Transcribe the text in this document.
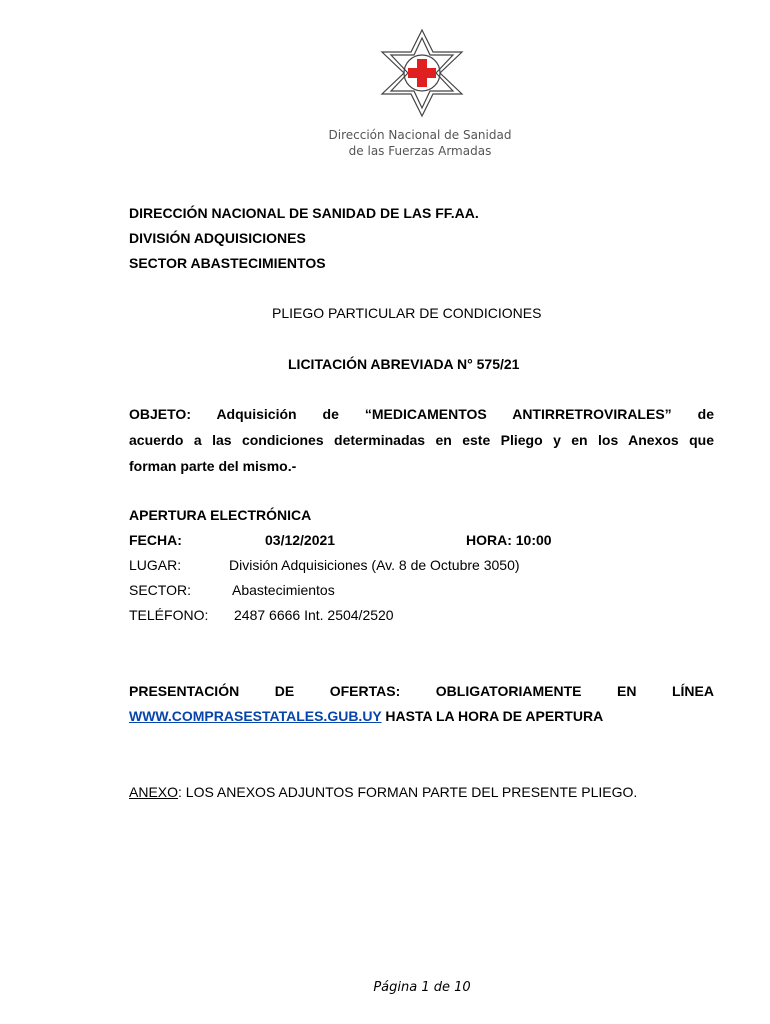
Dirección Nacional de Sanidad
de las Fuerzas Armadas
DIRECCIÓN NACIONAL DE SANIDAD DE LAS FF.AA.
DIVISIÓN ADQUISICIONES
SECTOR ABASTECIMIENTOS
PLIEGO PARTICULAR DE CONDICIONES
LICITACIÓN ABREVIADA N° 575/21
OBJETO: Adquisición de “MEDICAMENTOS ANTIRRETROVIRALES” de
acuerdo a las condiciones determinadas en este Pliego y en los Anexos que
forman parte del mismo.-
APERTURA ELECTRÓNICA
FECHA:	03/12/2021	HORA: 10:00
LUGAR:	División Adquisiciones (Av. 8 de Octubre 3050)
SECTOR:	Abastecimientos
TELÉFONO: 2487 6666 Int. 2504/2520
PRESENTACIÓN	DE	OFERTAS:	OBLIGATORIAMENTE	EN	LÍNEA
WWW.COMPRASESTATALES.GUB.UY HASTA LA HORA DE APERTURA
ANEXO: LOS ANEXOS ADJUNTOS FORMAN PARTE DEL PRESENTE PLIEGO.
Página 1 de 10
